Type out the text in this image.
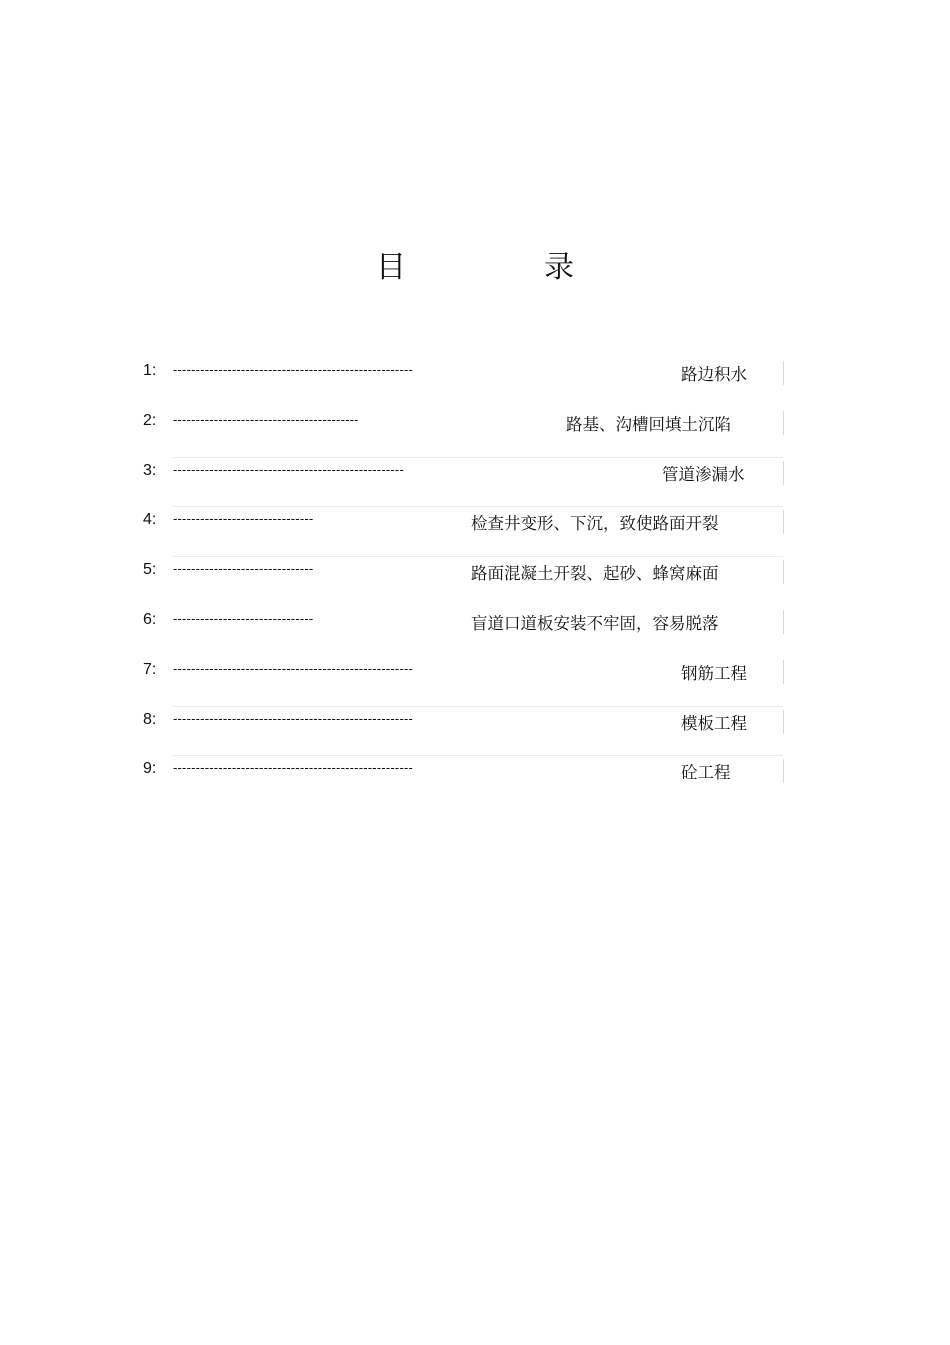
目　录
1: -----------------------------------------------------	路边积水
2: -----------------------------------------	路基、沟槽回填土沉陷
3: ---------------------------------------------------	管道渗漏水
4: -------------------------------	检查井变形、下沉，致使路面开裂
5: -------------------------------	路面混凝土开裂、起砂、蜂窝麻面
6: -------------------------------	盲道口道板安装不牢固，容易脱落
7: -----------------------------------------------------	钢筋工程
8: -----------------------------------------------------	模板工程
9: -----------------------------------------------------	砼工程
